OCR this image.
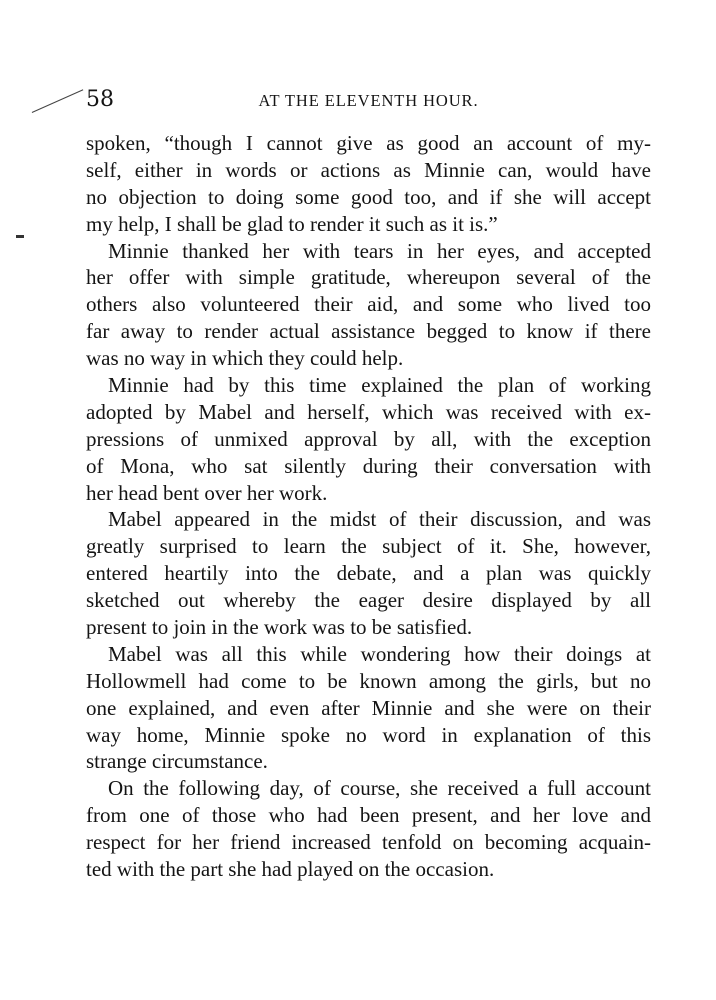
58	AT THE ELEVENTH HOUR.
spoken, “though I cannot give as good an account of my-
self, either in words or actions as Minnie can, would have
no objection to doing some good too, and if she will accept
my help, I shall be glad to render it such as it is.”
Minnie thanked her with tears in her eyes, and accepted
her offer with simple gratitude, whereupon several of the
others also volunteered their aid, and some who lived too
far away to render actual assistance begged to know if there
was no way in which they could help.
Minnie had by this time explained the plan of working
adopted by Mabel and herself, which was received with ex-
pressions of unmixed approval by all, with the exception
of Mona, who sat silently during their conversation with
her head bent over her work.
Mabel appeared in the midst of their discussion, and was
greatly surprised to learn the subject of it. She, however,
entered heartily into the debate, and a plan was quickly
sketched out whereby the eager desire displayed by all
present to join in the work was to be satisfied.
Mabel was all this while wondering how their doings at
Hollowmell had come to be known among the girls, but no
one explained, and even after Minnie and she were on their
way home, Minnie spoke no word in explanation of this
strange circumstance.
On the following day, of course, she received a full account
from one of those who had been present, and her love and
respect for her friend increased tenfold on becoming acquain-
ted with the part she had played on the occasion.
